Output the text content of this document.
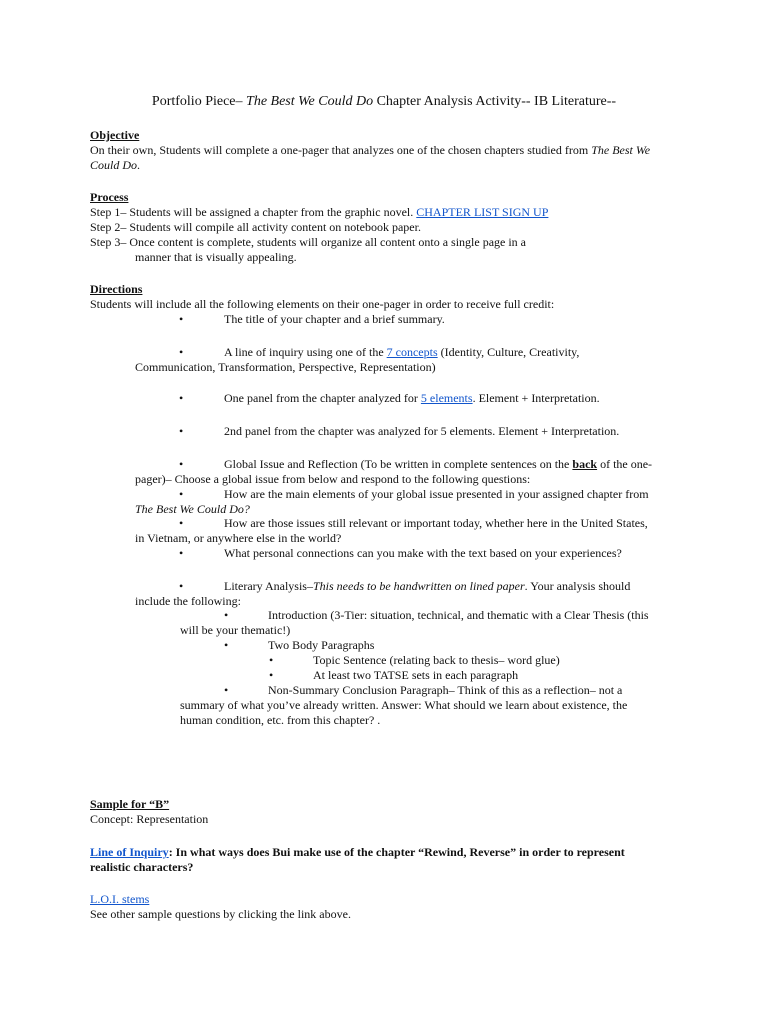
Portfolio Piece– The Best We Could Do Chapter Analysis Activity-- IB Literature--
Objective
On their own, Students will complete a one-pager that analyzes one of the chosen chapters studied from The Best We Could Do.
Process
Step 1– Students will be assigned a chapter from the graphic novel. CHAPTER LIST SIGN UP
Step 2– Students will compile all activity content on notebook paper.
Step 3– Once content is complete, students will organize all content onto a single page in a
manner that is visually appealing.
Directions
Students will include all the following elements on their one-pager in order to receive full credit:
•	The title of your chapter and a brief summary.
•	A line of inquiry using one of the 7 concepts (Identity, Culture, Creativity,
Communication, Transformation, Perspective, Representation)
•	One panel from the chapter analyzed for 5 elements. Element + Interpretation.
•	2nd panel from the chapter was analyzed for 5 elements. Element + Interpretation.
•	Global Issue and Reflection (To be written in complete sentences on the back of the one-
pager)– Choose a global issue from below and respond to the following questions:
•	How are the main elements of your global issue presented in your assigned chapter from
The Best We Could Do?
•	How are those issues still relevant or important today, whether here in the United States,
in Vietnam, or anywhere else in the world?
•	What personal connections can you make with the text based on your experiences?
•	Literary Analysis–This needs to be handwritten on lined paper. Your analysis should
include the following:
•	Introduction (3-Tier: situation, technical, and thematic with a Clear Thesis (this
will be your thematic!)
•	Two Body Paragraphs
•	Topic Sentence (relating back to thesis– word glue)
•	At least two TATSE sets in each paragraph
•	Non-Summary Conclusion Paragraph– Think of this as a reflection– not a
summary of what you’ve already written. Answer: What should we learn about existence, the
human condition, etc. from this chapter? .
Sample for “B”
Concept: Representation
Line of Inquiry: In what ways does Bui make use of the chapter “Rewind, Reverse” in order to represent
realistic characters?
L.O.I. stems
See other sample questions by clicking the link above.
